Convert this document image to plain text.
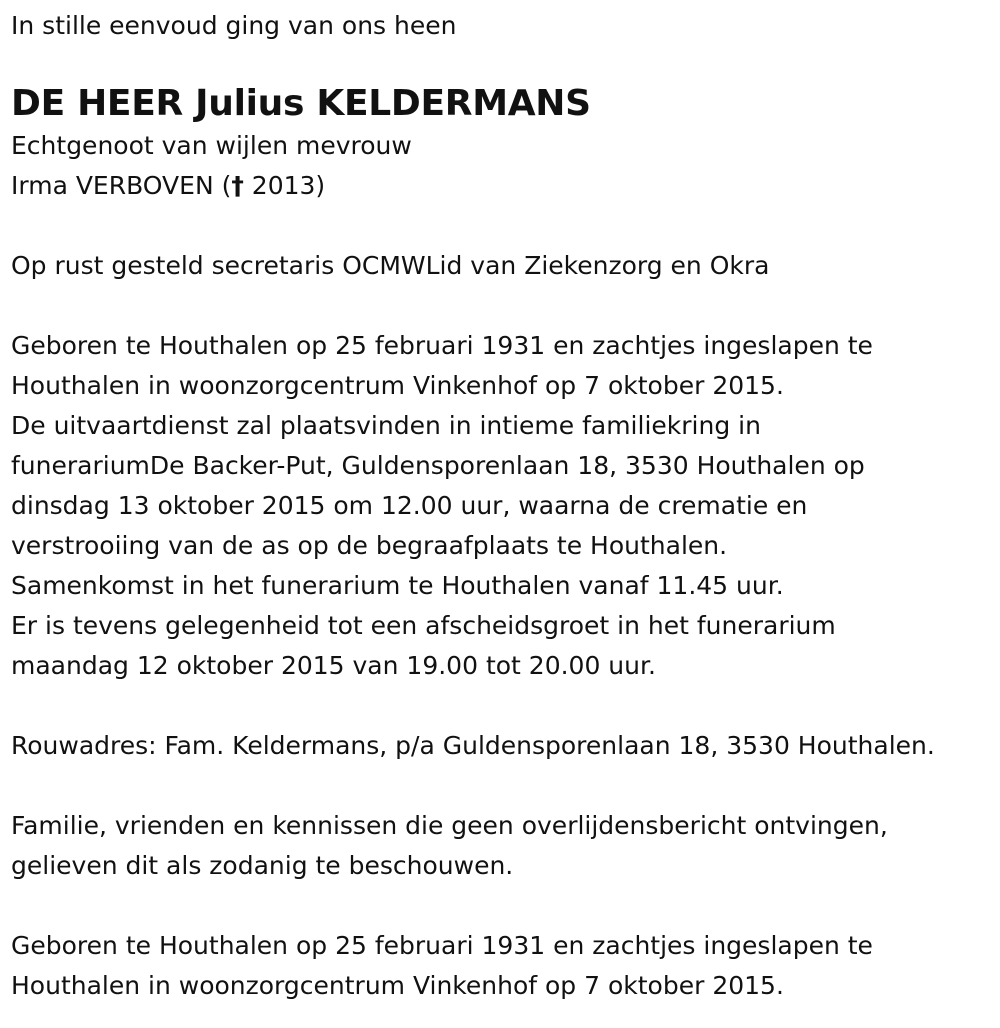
In stille eenvoud ging van ons heen

DE HEER Julius KELDERMANS

Echtgenoot van wijlen mevrouw

Irma VERBOVEN († 2013)

Op rust gesteld secretaris OCMWLid van Ziekenzorg en Okra

Geboren te Houthalen op 25 februari 1931 en zachtjes ingeslapen te

Houthalen in woonzorgcentrum Vinkenhof op 7 oktober 2015.

De uitvaartdienst zal plaatsvinden in intieme familiekring in

funerariumDe Backer-Put, Guldensporenlaan 18, 3530 Houthalen op

dinsdag 13 oktober 2015 om 12.00 uur, waarna de crematie en

verstrooiing van de as op de begraafplaats te Houthalen.

Samenkomst in het funerarium te Houthalen vanaf 11.45 uur.

Er is tevens gelegenheid tot een afscheidsgroet in het funerarium

maandag 12 oktober 2015 van 19.00 tot 20.00 uur.

Rouwadres: Fam. Keldermans, p/a Guldensporenlaan 18, 3530 Houthalen.

Familie, vrienden en kennissen die geen overlijdensbericht ontvingen,

gelieven dit als zodanig te beschouwen.

Geboren te Houthalen op 25 februari 1931 en zachtjes ingeslapen te

Houthalen in woonzorgcentrum Vinkenhof op 7 oktober 2015.
